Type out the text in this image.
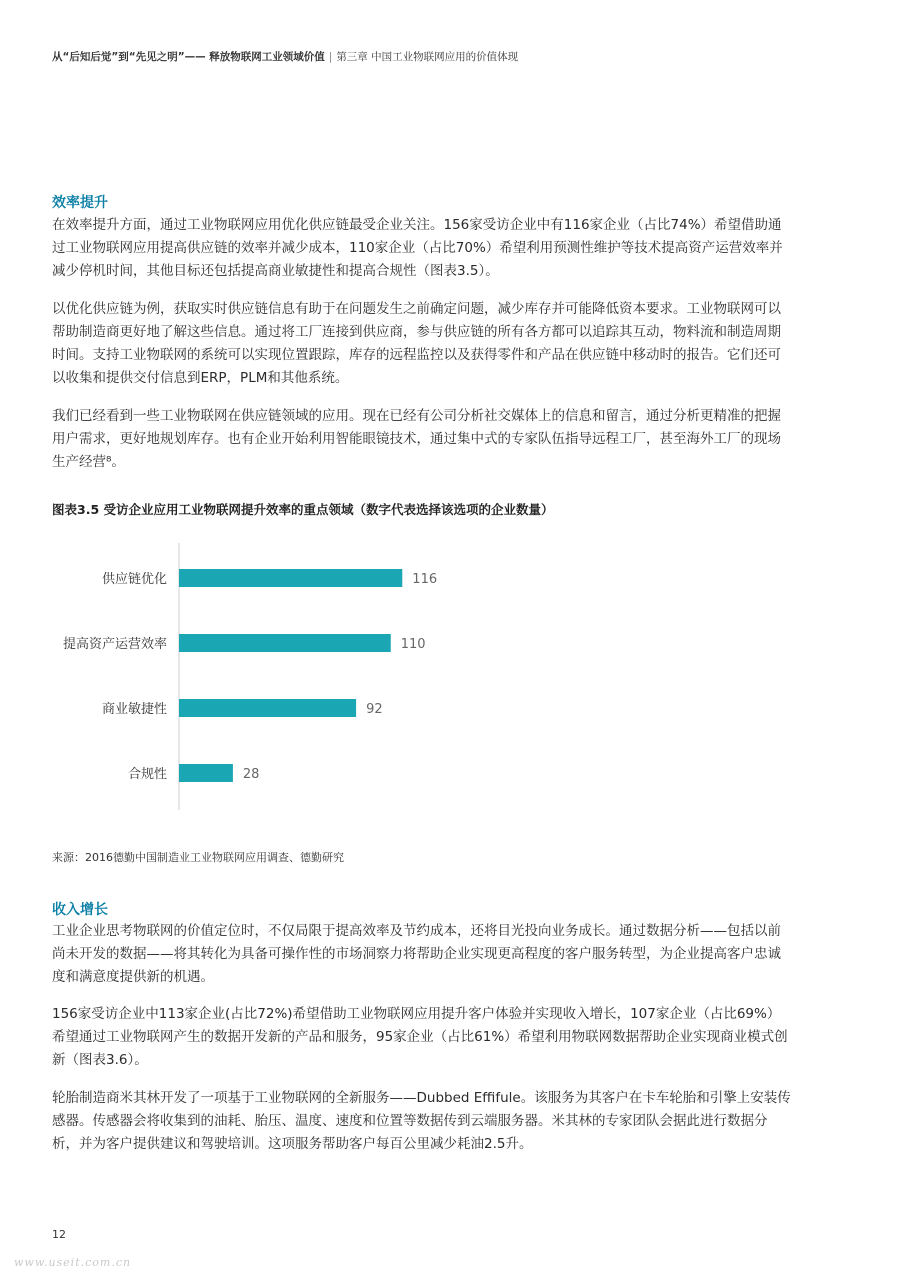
从“后知后觉”到“先见之明”—— 释放物联网工业领域价值 | 第三章 中国工业物联网应用的价值体现
效率提升

在效率提升方面，通过工业物联网应用优化供应链最受企业关注。156家受访企业中有116家企业（占比74%）希望借助通过工业物联网应用提高供应链的效率并减少成本，110家企业（占比70%）希望利用预测性维护等技术提高资产运营效率并减少停机时间，其他目标还包括提高商业敏捷性和提高合规性（图表3.5）。

以优化供应链为例，获取实时供应链信息有助于在问题发生之前确定问题，减少库存并可能降低资本要求。工业物联网可以帮助制造商更好地了解这些信息。通过将工厂连接到供应商，参与供应链的所有各方都可以追踪其互动，物料流和制造周期时间。支持工业物联网的系统可以实现位置跟踪，库存的远程监控以及获得零件和产品在供应链中移动时的报告。它们还可以收集和提供交付信息到ERP，PLM和其他系统。

我们已经看到一些工业物联网在供应链领域的应用。现在已经有公司分析社交媒体上的信息和留言，通过分析更精准的把握用户需求，更好地规划库存。也有企业开始利用智能眼镜技术，通过集中式的专家队伍指导远程工厂，甚至海外工厂的现场生产经营⁸。

图表3.5 受访企业应用工业物联网提升效率的重点领域（数字代表选择该选项的企业数量）
供应链优化	116
提高资产运营效率	110
商业敏捷性	92
合规性	28
来源：2016德勤中国制造业工业物联网应用调查、德勤研究
收入增长

工业企业思考物联网的价值定位时，不仅局限于提高效率及节约成本，还将目光投向业务成长。通过数据分析——包括以前尚未开发的数据——将其转化为具备可操作性的市场洞察力将帮助企业实现更高程度的客户服务转型，为企业提高客户忠诚度和满意度提供新的机遇。

156家受访企业中113家企业(占比72%)希望借助工业物联网应用提升客户体验并实现收入增长，107家企业（占比69%）希望通过工业物联网产生的数据开发新的产品和服务，95家企业（占比61%）希望利用物联网数据帮助企业实现商业模式创新（图表3.6）。

轮胎制造商米其林开发了一项基于工业物联网的全新服务——Dubbed Effifule。该服务为其客户在卡车轮胎和引擎上安装传感器。传感器会将收集到的油耗、胎压、温度、速度和位置等数据传到云端服务器。米其林的专家团队会据此进行数据分析，并为客户提供建议和驾驶培训。这项服务帮助客户每百公里减少耗油2.5升。

12
www.useit.com.cn
